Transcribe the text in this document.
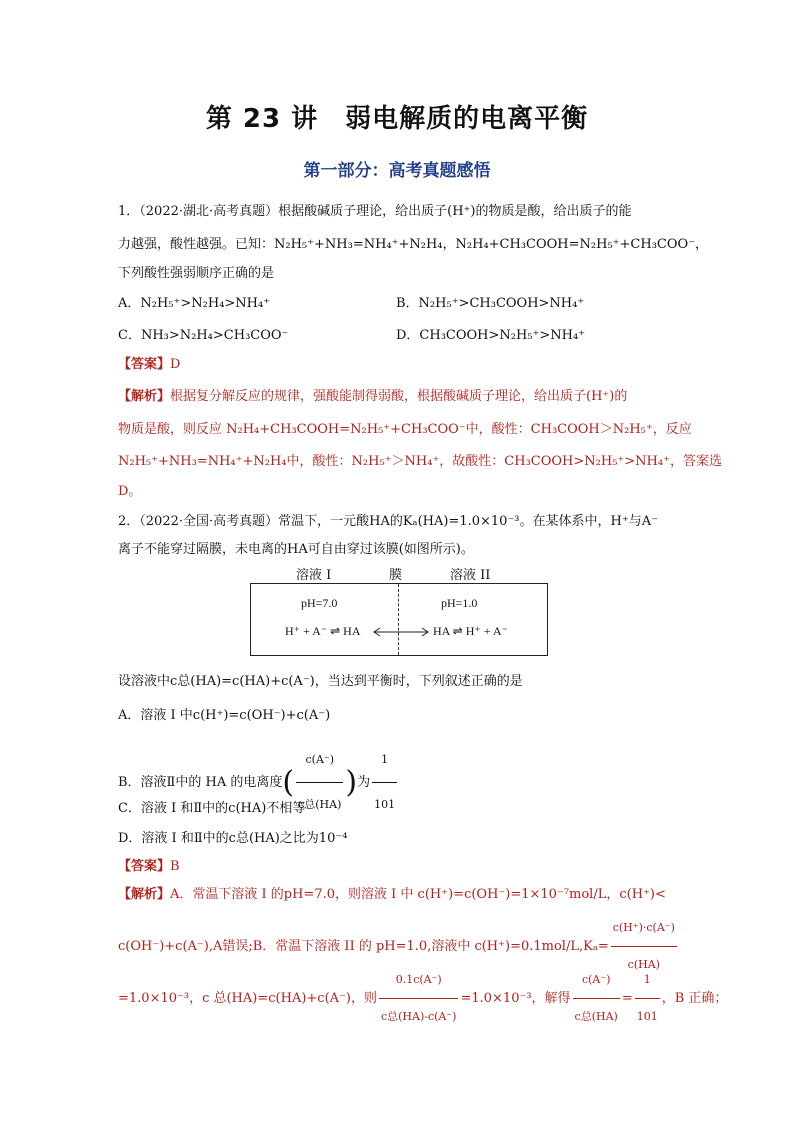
第 23 讲　弱电解质的电离平衡
第一部分：高考真题感悟
1．（2022·湖北·高考真题）根据酸碱质子理论，给出质子(H⁺)的物质是酸，给出质子的能
力越强，酸性越强。已知：N₂H₅⁺+NH₃=NH₄⁺+N₂H₄，N₂H₄+CH₃COOH=N₂H₅⁺+CH₃COO⁻，
下列酸性强弱顺序正确的是
A．N₂H₅⁺>N₂H₄>NH₄⁺	B．N₂H₅⁺>CH₃COOH>NH₄⁺
C．NH₃>N₂H₄>CH₃COO⁻	D．CH₃COOH>N₂H₅⁺>NH₄⁺
【答案】D
【解析】根据复分解反应的规律，强酸能制得弱酸，根据酸碱质子理论，给出质子(H⁺)的
物质是酸，则反应 N₂H₄+CH₃COOH=N₂H₅⁺+CH₃COO⁻中，酸性：CH₃COOH＞N₂H₅⁺，反应
N₂H₅⁺+NH₃=NH₄⁺+N₂H₄中，酸性：N₂H₅⁺＞NH₄⁺，故酸性：CH₃COOH>N₂H₅⁺>NH₄⁺，答案选
D。
2．（2022·全国·高考真题）常温下，一元酸HA的Kₐ(HA)=1.0×10⁻³。在某体系中，H⁺与A⁻
离子不能穿过隔膜，未电离的HA可自由穿过该膜(如图所示)。
溶液 I	膜	溶液 II
pH=7.0	pH=1.0
H⁺ + A⁻ ⇌ HA	HA ⇌ H⁺ + A⁻
设溶液中c总(HA)=c(HA)+c(A⁻)，当达到平衡时，下列叙述正确的是
A．溶液 I 中c(H⁺)=c(OH⁻)+c(A⁻)
B．溶液Ⅱ中的 HA 的电离度( $\frac{c(A^-)}{\text{c总(HA)}}$ )为 $\frac{1}{101}$
C．溶液 I 和Ⅱ中的c(HA)不相等
D．溶液 I 和Ⅱ中的c总(HA)之比为10⁻⁴
【答案】B
【解析】A．常温下溶液 I 的pH=7.0，则溶液 I 中 c(H⁺)=c(OH⁻)=1×10⁻⁷mol/L，c(H⁺)<
c(OH⁻)+c(A⁻),A错误;B．常温下溶液 II 的 pH=1.0,溶液中 $c(H^+)=0.1mol/L,K_a= \frac{c(H^+)\cdot c(A^-)}{c(HA)}$
=1.0×10⁻³，c 总(HA)=c(HA)+c(A⁻)，则 $\frac{0.1c(A^-)}{\text{c总(HA)-c(A⁻)}} =1.0\times 10^{-3}$，解得 $\frac{c(A^-)}{\text{c总(HA)}} = \frac{1}{101}$ ，B 正确；
